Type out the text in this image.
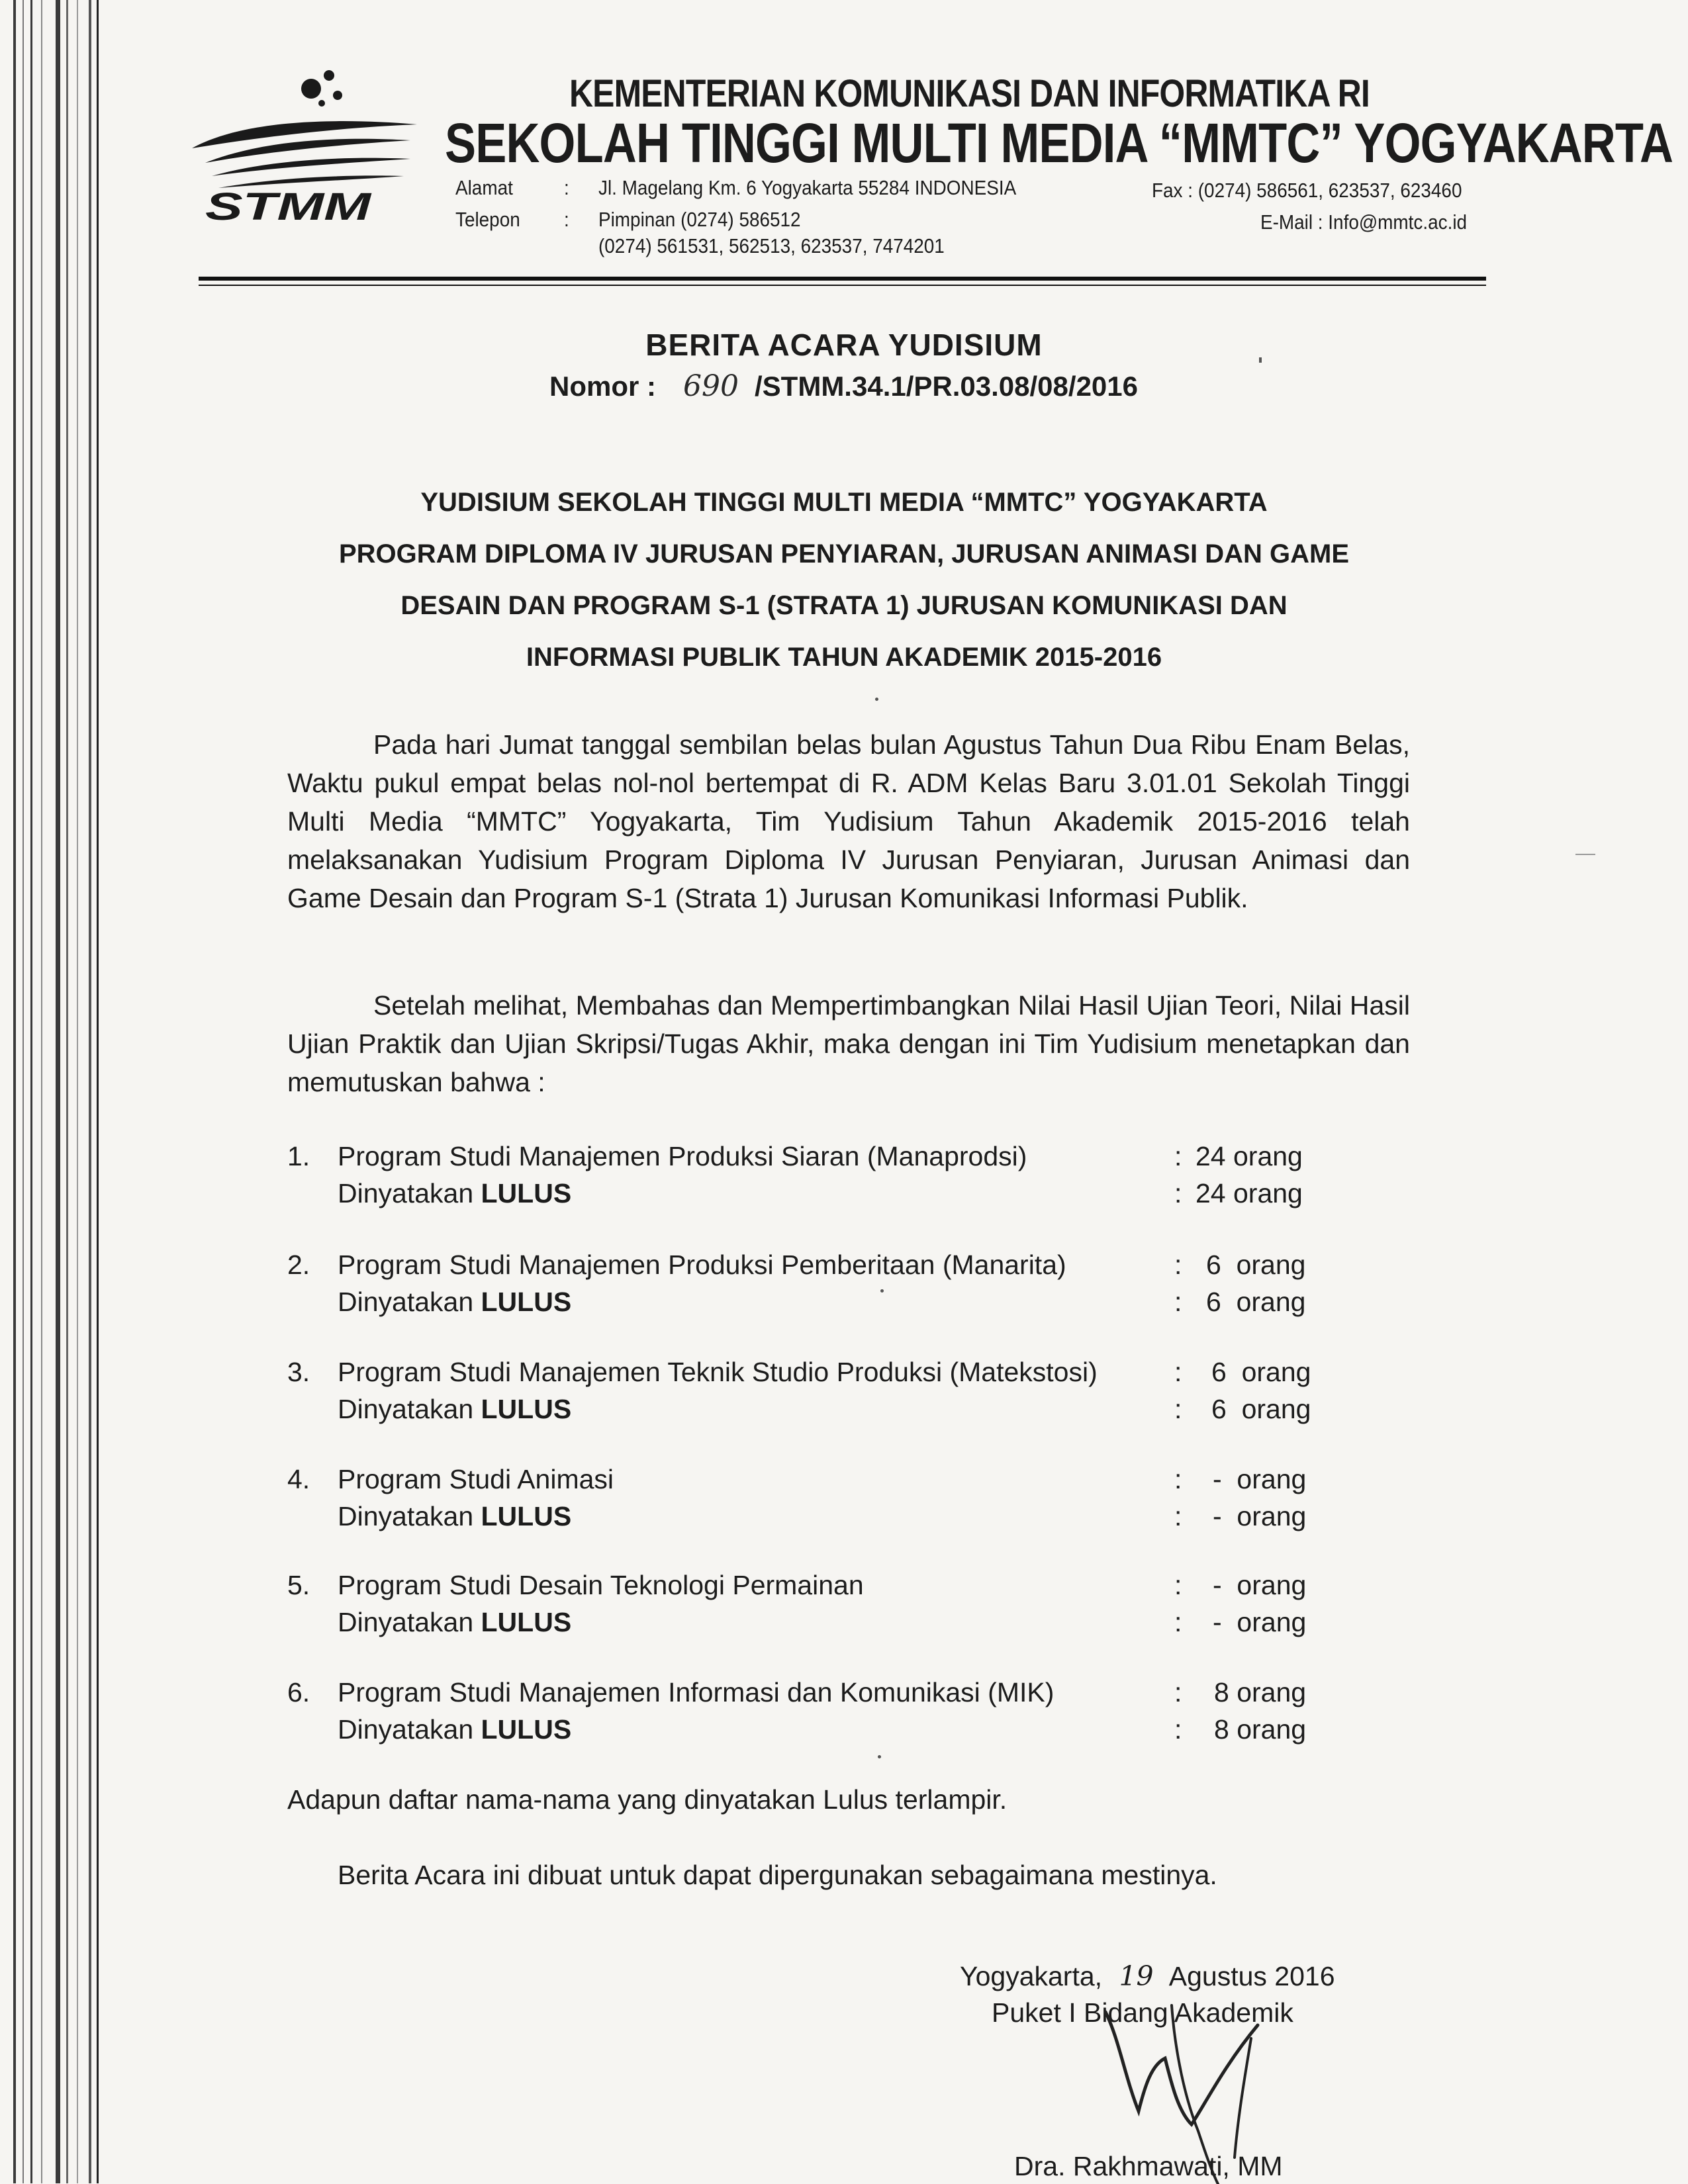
STMM
KEMENTERIAN KOMUNIKASI DAN INFORMATIKA RI
SEKOLAH TINGGI MULTI MEDIA “MMTC” YOGYAKARTA
Alamat : Jl. Magelang Km. 6 Yogyakarta 55284 INDONESIA
Telepon : Pimpinan (0274) 586512
(0274) 561531, 562513, 623537, 7474201
Fax : (0274) 586561, 623537, 623460
E-Mail : Info@mmtc.ac.id
BERITA ACARA YUDISIUM
Nomor : 690 /STMM.34.1/PR.03.08/08/2016
YUDISIUM SEKOLAH TINGGI MULTI MEDIA “MMTC” YOGYAKARTA
PROGRAM DIPLOMA IV JURUSAN PENYIARAN, JURUSAN ANIMASI DAN GAME
DESAIN DAN PROGRAM S-1 (STRATA 1) JURUSAN KOMUNIKASI DAN
INFORMASI PUBLIK TAHUN AKADEMIK 2015-2016
Pada hari Jumat tanggal sembilan belas bulan Agustus Tahun Dua Ribu Enam Belas, Waktu pukul empat belas nol-nol bertempat di R. ADM Kelas Baru 3.01.01 Sekolah Tinggi Multi Media “MMTC” Yogyakarta, Tim Yudisium Tahun Akademik 2015-2016 telah melaksanakan Yudisium Program Diploma IV Jurusan Penyiaran, Jurusan Animasi dan Game Desain dan Program S-1 (Strata 1) Jurusan Komunikasi Informasi Publik.
Setelah melihat, Membahas dan Mempertimbangkan Nilai Hasil Ujian Teori, Nilai Hasil Ujian Praktik dan Ujian Skripsi/Tugas Akhir, maka dengan ini Tim Yudisium menetapkan dan memutuskan bahwa :
1. Program Studi Manajemen Produksi Siaran (Manaprodsi)	: 24 orang
Dinyatakan LULUS	: 24 orang
2. Program Studi Manajemen Produksi Pemberitaan (Manarita)	: 6  orang
Dinyatakan LULUS	: 6  orang
3. Program Studi Manajemen Teknik Studio Produksi (Matekstosi)	: 6  orang
Dinyatakan LULUS	: 6  orang
4. Program Studi Animasi	: -  orang
Dinyatakan LULUS	: -  orang
5. Program Studi Desain Teknologi Permainan	: -  orang
Dinyatakan LULUS	: -  orang
6. Program Studi Manajemen Informasi dan Komunikasi (MIK)	: 8 orang
Dinyatakan LULUS	: 8 orang
Adapun daftar nama-nama yang dinyatakan Lulus terlampir.
Berita Acara ini dibuat untuk dapat dipergunakan sebagaimana mestinya.
Yogyakarta, 19 Agustus 2016
Puket I Bidang Akademik
Dra. Rakhmawati, MM
